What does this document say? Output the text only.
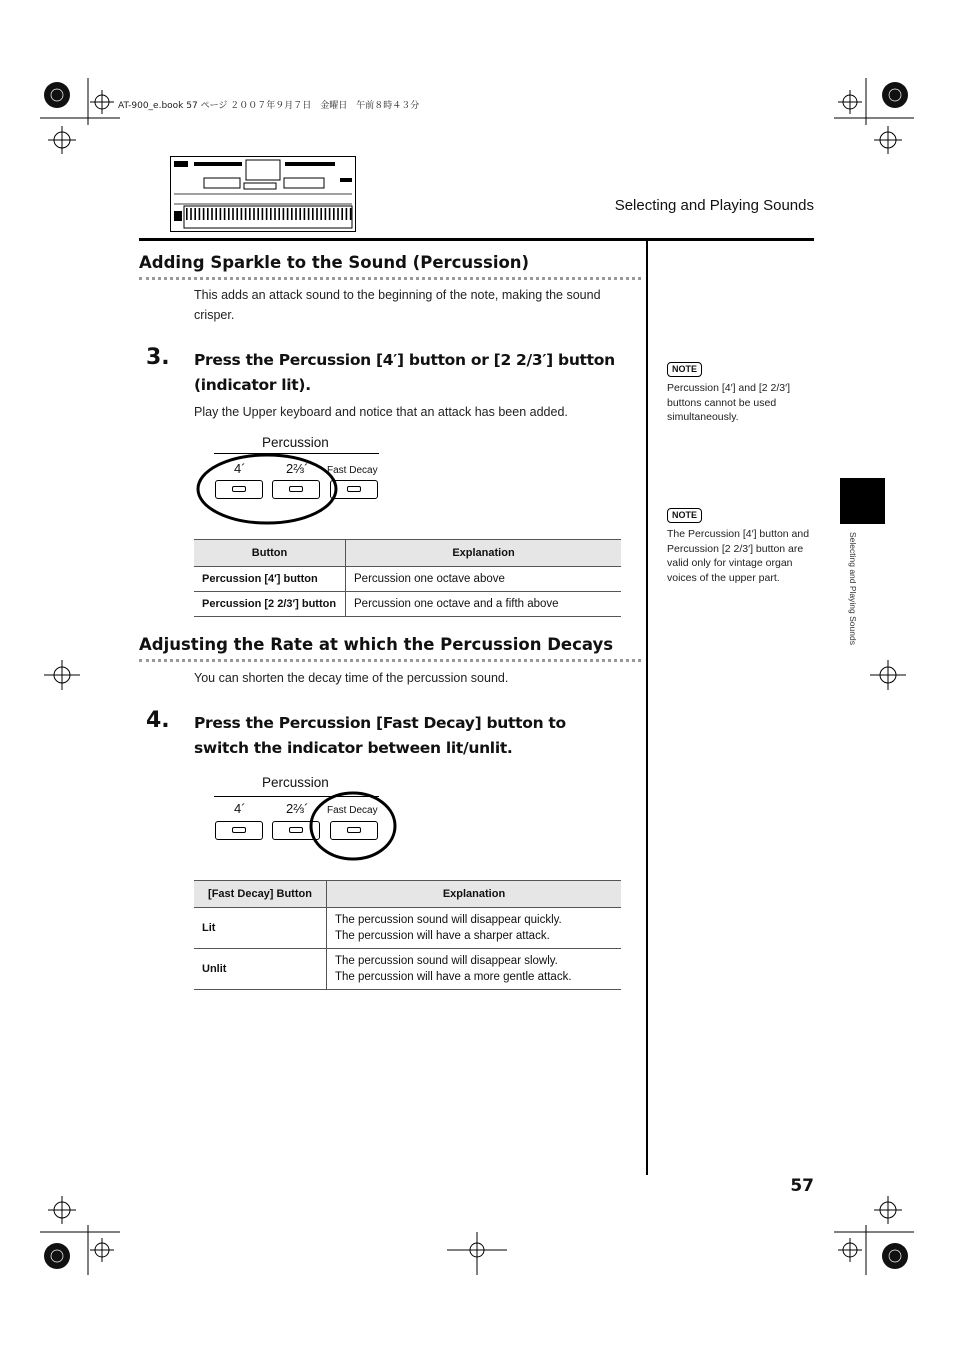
AT-900_e.book 57 ページ ２００７年９月７日　金曜日　午前８時４３分
Selecting and Playing Sounds
Adding Sparkle to the Sound (Percussion)
This adds an attack sound to the beginning of the note, making the sound crisper.
3. Press the Percussion [4′] button or [2 2/3′] button (indicator lit).
Play the Upper keyboard and notice that an attack has been added.
Percussion
4´	2⅔´ Fast Decay
Button	Explanation
Percussion [4′] button	Percussion one octave above
Percussion [2 2/3′] button	Percussion one octave and a fifth above
Adjusting the Rate at which the Percussion Decays
You can shorten the decay time of the percussion sound.
4. Press the Percussion [Fast Decay] button to switch the indicator between lit/unlit.
Percussion
4´	2⅔´ Fast Decay
[Fast Decay] Button	Explanation
Lit	The percussion sound will disappear quickly.
The percussion will have a sharper attack.

Unlit	The percussion sound will disappear slowly.
The percussion will have a more gentle attack.
NOTE
Percussion [4′] and [2 2/3′] buttons cannot be used simultaneously.
NOTE
The Percussion [4′] button and Percussion [2 2/3′] button are valid only for vintage organ voices of the upper part.	Selecting and Playing Sounds
57
